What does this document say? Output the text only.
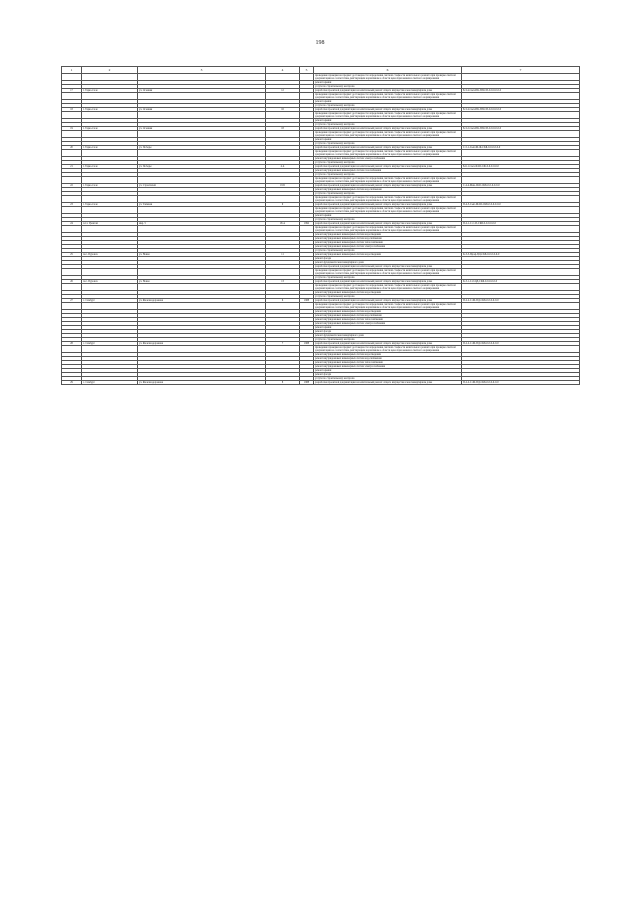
198
1	2	3	4	5	6	7
					проведение проверки на предмет достоверности определения сметной стоимости капитального ремонта при проверке сметной документации на соответствие действующим нормативам в области ценообразования и сметного нормирования	
					ремонт крыши	
					услуги по строительному контролю	
17	г. Тарко-Сале	ул. Осенняя	12		разработка проектной документации на капитальный ремонт общего имущества в многоквартирном доме	Б-3-4-Сып-ПК-ПП-СП-0-0-0-0-0-0
					проведение проверки на предмет достоверности определения сметной стоимости капитального ремонта при проверке сметной документации на соответствие действующим нормативам в области ценообразования и сметного нормирования	
					ремонт крыши	
					услуги по строительному контролю	
18	г. Тарко-Сале	ул. Осенняя	16		разработка проектной документации на капитальный ремонт общего имущества в многоквартирном доме	Б-3-4-Сып-ПК-ПП-СП-0-0-0-0-0-0
					проведение проверки на предмет достоверности определения сметной стоимости капитального ремонта при проверке сметной документации на соответствие действующим нормативам в области ценообразования и сметного нормирования	
					ремонт крыши	
					услуги по строительному контролю	
19	г. Тарко-Сале	ул. Осенняя	18		разработка проектной документации на капитальный ремонт общего имущества в многоквартирном доме	Б-3-2-Сып-ПК-ПП-СП-0-0-0-0-0-0
					проведение проверки на предмет достоверности определения сметной стоимости капитального ремонта при проверке сметной документации на соответствие действующим нормативам в области ценообразования и сметного нормирования	
					ремонт крыши	
					услуги по строительному контролю	
20	г. Тарко-Сале	ул. Победы			разработка проектной документации на капитальный ремонт общего имущества в многоквартирном доме	С-5-1-Сып-Ш-Ж-СКБ-0-0-0-0-0-0
					проведение проверки на предмет достоверности определения сметной стоимости капитального ремонта при проверке сметной документации на соответствие действующим нормативам в области ценообразования и сметного нормирования	
					ремонт внутридомовых инженерных систем электроснабжения	
					услуги по строительному контролю	
21	г. Тарко-Сале	ул. Победы	4 А		разработка проектной документации на капитальный ремонт общего имущества в многоквартирном доме	Б-6-1-Сып-Ф-Ш-СЖ-0-0-0-0-0-0
					ремонт внутридомовых инженерных систем газоснабжения	
					услуги по строительному контролю	
					проведение проверки на предмет достоверности определения сметной стоимости капитального ремонта при проверке сметной документации на соответствие действующим нормативам в области ценообразования и сметного нормирования	
22	г. Тарко-Сале	ул. Строителей	19 Б		разработка проектной документации на капитальный ремонт общего имущества в многоквартирном доме	С-4-4-Мин-Ш-Б-СКБ-0-0-0-0-0-0
					ремонт внутридомовых инженерных систем водоснабжения	
					услуги по строительному контролю	
					проведение проверки на предмет достоверности определения сметной стоимости капитального ремонта при проверке сметной документации на соответствие действующим нормативам в области ценообразования и сметного нормирования	
23	г. Тарко-Сале	ул. Таёжная	9		разработка проектной документации на капитальный ремонт общего имущества в многоквартирном доме	П-4-3-Сып-Ш-Ш-СКБ-0-0-0-0-0-0
					проведение проверки на предмет достоверности определения сметной стоимости капитального ремонта при проверке сметной документации на соответствие действующим нормативам в области ценообразования и сметного нормирования	
					ремонт крыши	
					услуги по строительному контролю	
24	п.г.т. Уренгой	мкр. 5	1Б А	1992	разработка проектной документации на капитальный ремонт общего имущества в многоквартирном доме	П-2-1-С-С-П-СКБ-0-0-0-0-0-0
					проведение проверки на предмет достоверности определения сметной стоимости капитального ремонта при проверке сметной документации на соответствие действующим нормативам в области ценообразования и сметного нормирования	
					ремонт внутридомовых инженерных систем водоотведения	
					ремонт внутридомовых инженерных систем водоснабжения	
					ремонт внутридомовых инженерных систем теплоснабжения	
					ремонт внутридомовых инженерных систем электроснабжения	
					услуги по строительному контролю	
25	пос. Пуровск	ул. Новая	11		ремонт внутридомовых инженерных систем водоотведения	К-3-3-Проф-ПД-СКБ-0-0-0-0-0-0
					ремонт фасада	
					ремонт фундамента многоквартирного дома	
					разработка проектной документации на капитальный ремонт общего имущества в многоквартирном доме	
					проведение проверки на предмет достоверности определения сметной стоимости капитального ремонта при проверке сметной документации на соответствие действующим нормативам в области ценообразования и сметного нормирования	
					услуги по строительному контролю	
26	пос. Пуровск	ул. Новая	13		разработка проектной документации на капитальный ремонт общего имущества в многоквартирном доме	К-3-1-С-0-ЦД-СКБ-0-0-0-0-0-0
					проведение проверки на предмет достоверности определения сметной стоимости капитального ремонта при проверке сметной документации на соответствие действующим нормативам в области ценообразования и сметного нормирования	
					ремонт внутридомовых инженерных систем водоотведения	
					услуги по строительному контролю	
27	с. Самбург	ул. Железнодорожная	6	1988	разработка проектной документации на капитальный ремонт общего имущества в многоквартирном доме	П-2-2-С-Ш-ПД-СКБ-0-0-0-0-0-0
					проведение проверки на предмет достоверности определения сметной стоимости капитального ремонта при проверке сметной документации на соответствие действующим нормативам в области ценообразования и сметного нормирования	
					ремонт внутридомовых инженерных систем водоотведения	
					ремонт внутридомовых инженерных систем водоснабжения	
					ремонт внутридомовых инженерных систем теплоснабжения	
					ремонт внутридомовых инженерных систем электроснабжения	
					ремонт крыши	
					ремонт фасада	
					ремонт фундамента многоквартирного дома	
					услуги по строительному контролю	
28	с. Самбург	ул. Железнодорожная	7	1988	разработка проектной документации на капитальный ремонт общего имущества в многоквартирном доме	П-2-2-С-Ш-ПД-СКБ-0-0-0-0-0-0
					проведение проверки на предмет достоверности определения сметной стоимости капитального ремонта при проверке сметной документации на соответствие действующим нормативам в области ценообразования и сметного нормирования	
					ремонт внутридомовых инженерных систем водоотведения	
					ремонт внутридомовых инженерных систем водоснабжения	
					ремонт внутридомовых инженерных систем теплоснабжения	
					ремонт внутридомовых инженерных систем электроснабжения	
					ремонт крыши	
					ремонт фасада	
					услуги по строительному контролю	
29	с. Самбург	ул. Железнодорожная	8	1988	разработка проектной документации на капитальный ремонт общего имущества в многоквартирном доме	П-2-2-С-Ш-ПД-СКБ-0-0-0-0-0-0
